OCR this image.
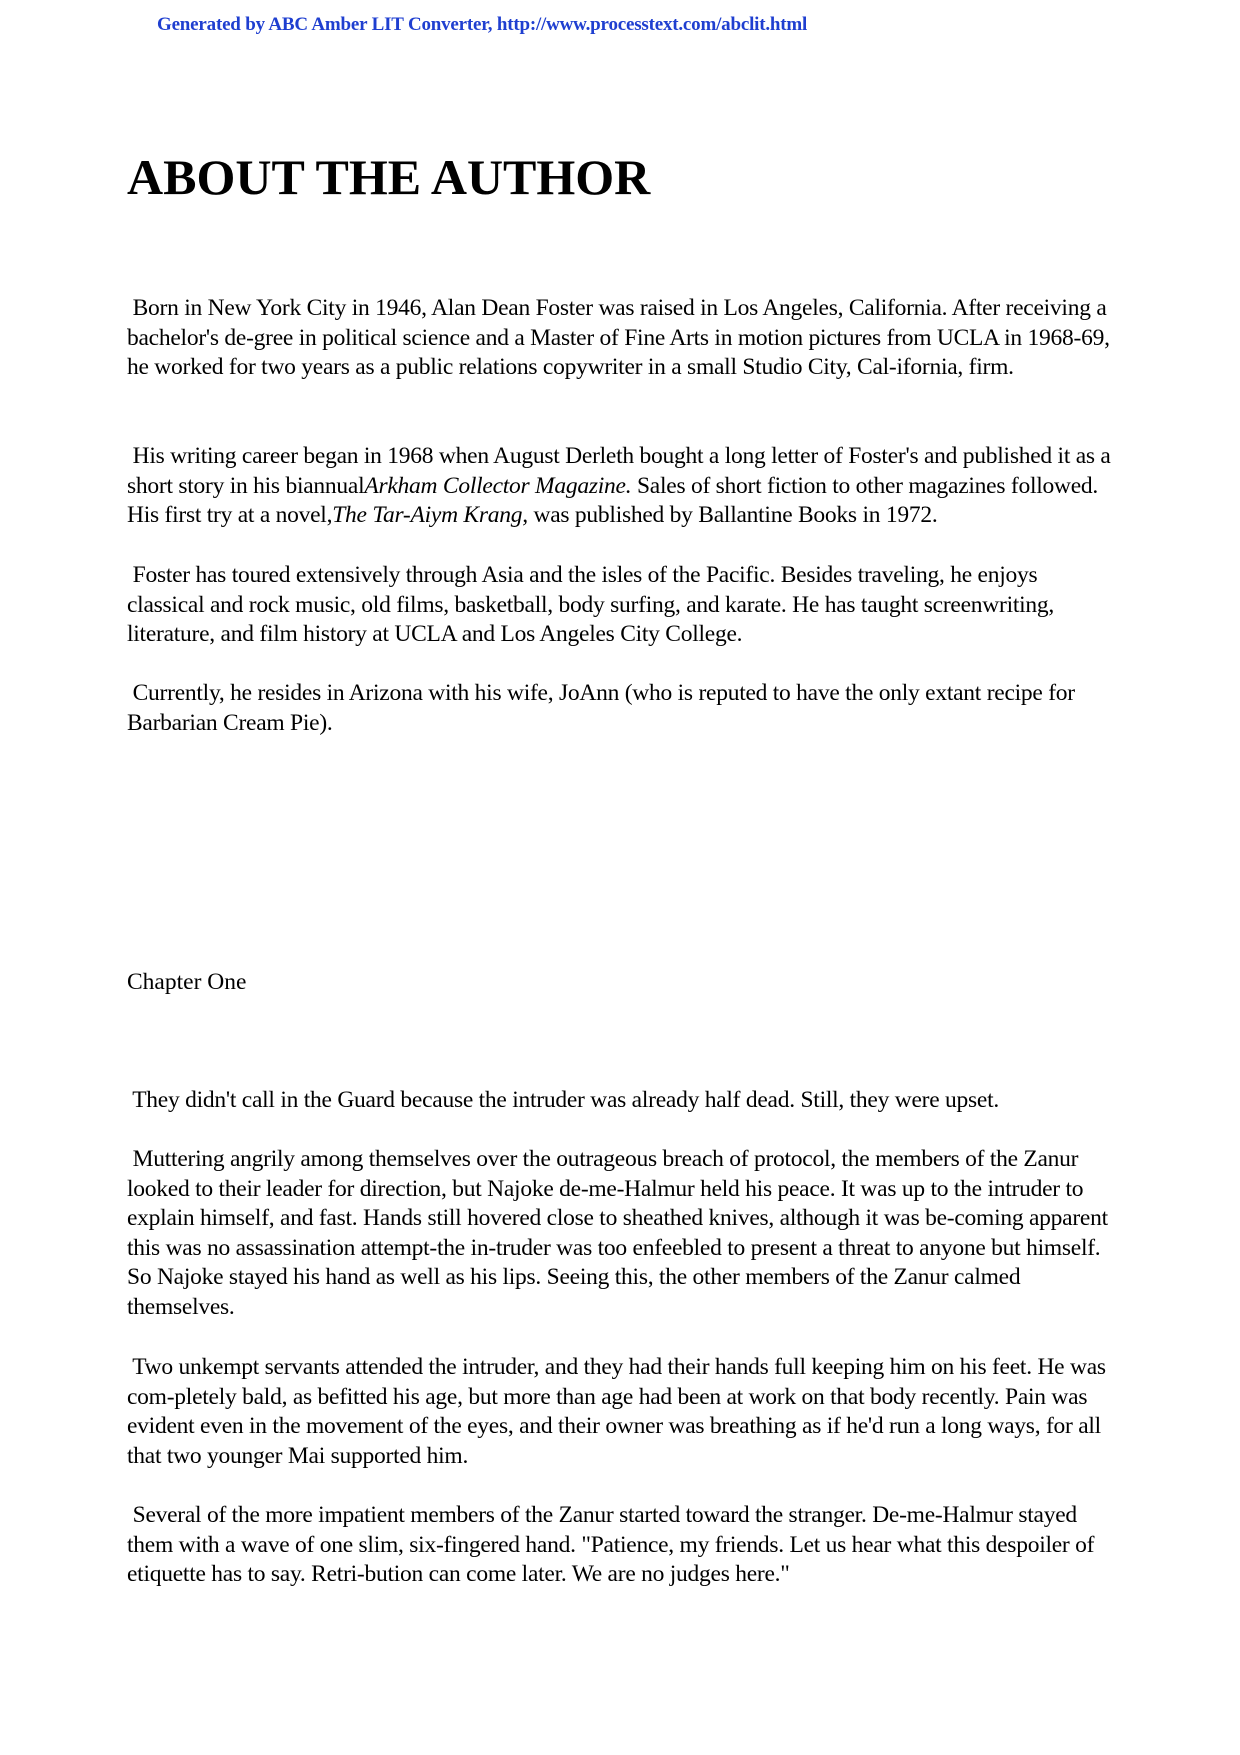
Generated by ABC Amber LIT Converter, http://www.processtext.com/abclit.html
ABOUT THE AUTHOR

Born in New York City in 1946, Alan Dean Foster was raised in Los Angeles, California. After receiving a bachelor's de-gree in political science and a Master of Fine Arts in motion pictures from UCLA in 1968-69, he worked for two years as a public relations copywriter in a small Studio City, Cal-ifornia, firm.

His writing career began in 1968 when August Derleth bought a long letter of Foster's and published it as a short story in his biannualArkham Collector Magazine. Sales of short fiction to other magazines followed. His first try at a novel,The Tar-Aiym Krang, was published by Ballantine Books in 1972.

Foster has toured extensively through Asia and the isles of the Pacific. Besides traveling, he enjoys classical and rock music, old films, basketball, body surfing, and karate. He has taught screenwriting, literature, and film history at UCLA and Los Angeles City College.

Currently, he resides in Arizona with his wife, JoAnn (who is reputed to have the only extant recipe for Barbarian Cream Pie).

Chapter One

They didn't call in the Guard because the intruder was already half dead. Still, they were upset.

Muttering angrily among themselves over the outrageous breach of protocol, the members of the Zanur looked to their leader for direction, but Najoke de-me-Halmur held his peace. It was up to the intruder to explain himself, and fast. Hands still hovered close to sheathed knives, although it was be-coming apparent this was no assassination attempt-the in-truder was too enfeebled to present a threat to anyone but himself. So Najoke stayed his hand as well as his lips. Seeing this, the other members of the Zanur calmed themselves.

Two unkempt servants attended the intruder, and they had their hands full keeping him on his feet. He was com-pletely bald, as befitted his age, but more than age had been at work on that body recently. Pain was evident even in the movement of the eyes, and their owner was breathing as if he'd run a long ways, for all that two younger Mai supported him.

Several of the more impatient members of the Zanur started toward the stranger. De-me-Halmur stayed them with a wave of one slim, six-fingered hand. "Patience, my friends. Let us hear what this despoiler of etiquette has to say. Retri-bution can come later. We are no judges here."
